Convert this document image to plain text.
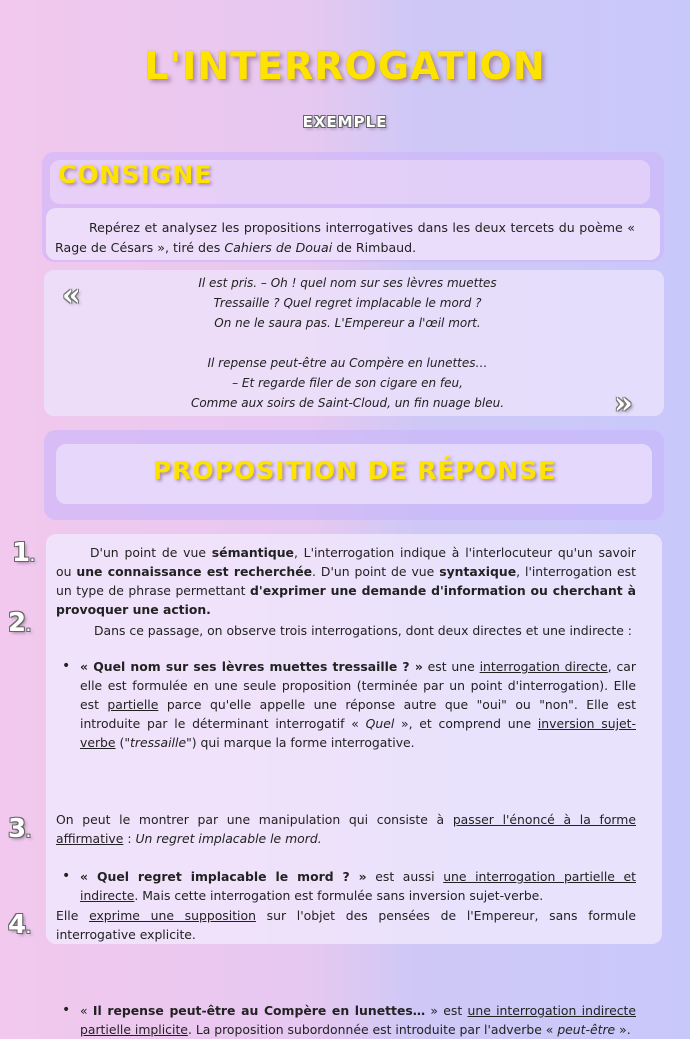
L'INTERROGATION
EXEMPLE
CONSIGNE
Repérez et analysez les propositions interrogatives dans les deux tercets du poème « Rage de Césars », tiré des Cahiers de Douai de Rimbaud.
«
»
Il est pris. – Oh ! quel nom sur ses lèvres muettes
Tressaille ? Quel regret implacable le mord ?
On ne le saura pas. L'Empereur a l'œil mort.
Il repense peut-être au Compère en lunettes…
– Et regarde filer de son cigare en feu,
Comme aux soirs de Saint-Cloud, un fin nuage bleu.
PROPOSITION DE RÉPONSE
1.
2.
3.
4.
D'un point de vue sémantique, L'interrogation indique à l'interlocuteur qu'un savoir ou une connaissance est recherchée. D'un point de vue syntaxique, l'interrogation est un type de phrase permettant d'exprimer une demande d'information ou cherchant à provoquer une action.
Dans ce passage, on observe trois interrogations, dont deux directes et une indirecte :
• « Quel nom sur ses lèvres muettes tressaille ? » est une interrogation directe, car elle est formulée en une seule proposition (terminée par un point d'interrogation). Elle est partielle parce qu'elle appelle une réponse autre que "oui" ou "non". Elle est introduite par le déterminant interrogatif « Quel », et comprend une inversion sujet-verbe ("tressaille") qui marque la forme interrogative.
• « Quel regret implacable le mord ? » est aussi une interrogation partielle et indirecte. Mais cette interrogation est formulée sans inversion sujet-verbe.
On peut le montrer par une manipulation qui consiste à passer l'énoncé à la forme affirmative : Un regret implacable le mord.
• « Il repense peut-être au Compère en lunettes… » est une interrogation indirecte partielle implicite. La proposition subordonnée est introduite par l'adverbe « peut-être ».
Elle exprime une supposition sur l'objet des pensées de l'Empereur, sans formule interrogative explicite.
